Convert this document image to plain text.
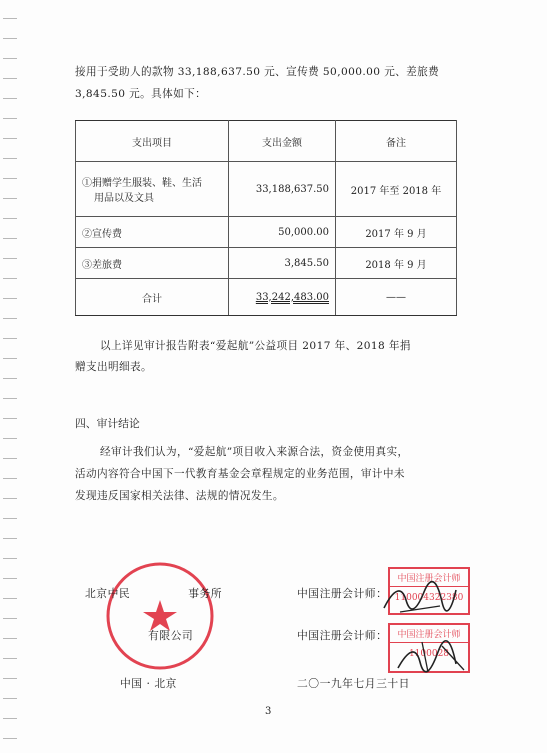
接用于受助人的款物 33,188,637.50 元、宣传费 50,000.00 元、差旅费
3,845.50 元。具体如下：
支出项目	支出金额	备注

①捐赠学生服装、鞋、生活
用品以及文具	33,188,637.50	2017 年至 2018 年
②宣传费	50,000.00	2017 年 9 月
③差旅费	3,845.50	2018 年 9 月
合计	33,242,483.00	——
以上详见审计报告附表“爱起航”公益项目 2017 年、2018 年捐
赠支出明细表。
四、审计结论
经审计我们认为，“爱起航”项目收入来源合法，资金使用真实，
活动内容符合中国下一代教育基金会章程规定的业务范围，审计中未
发现违反国家相关法律、法规的情况发生。
北京中民	事务所
有限公司
中国 · 北京
中国注册会计师：
中国注册会计师：
二〇一九年七月三十日
中国注册会计师
110004322380
中国注册会计师
1100028
3
